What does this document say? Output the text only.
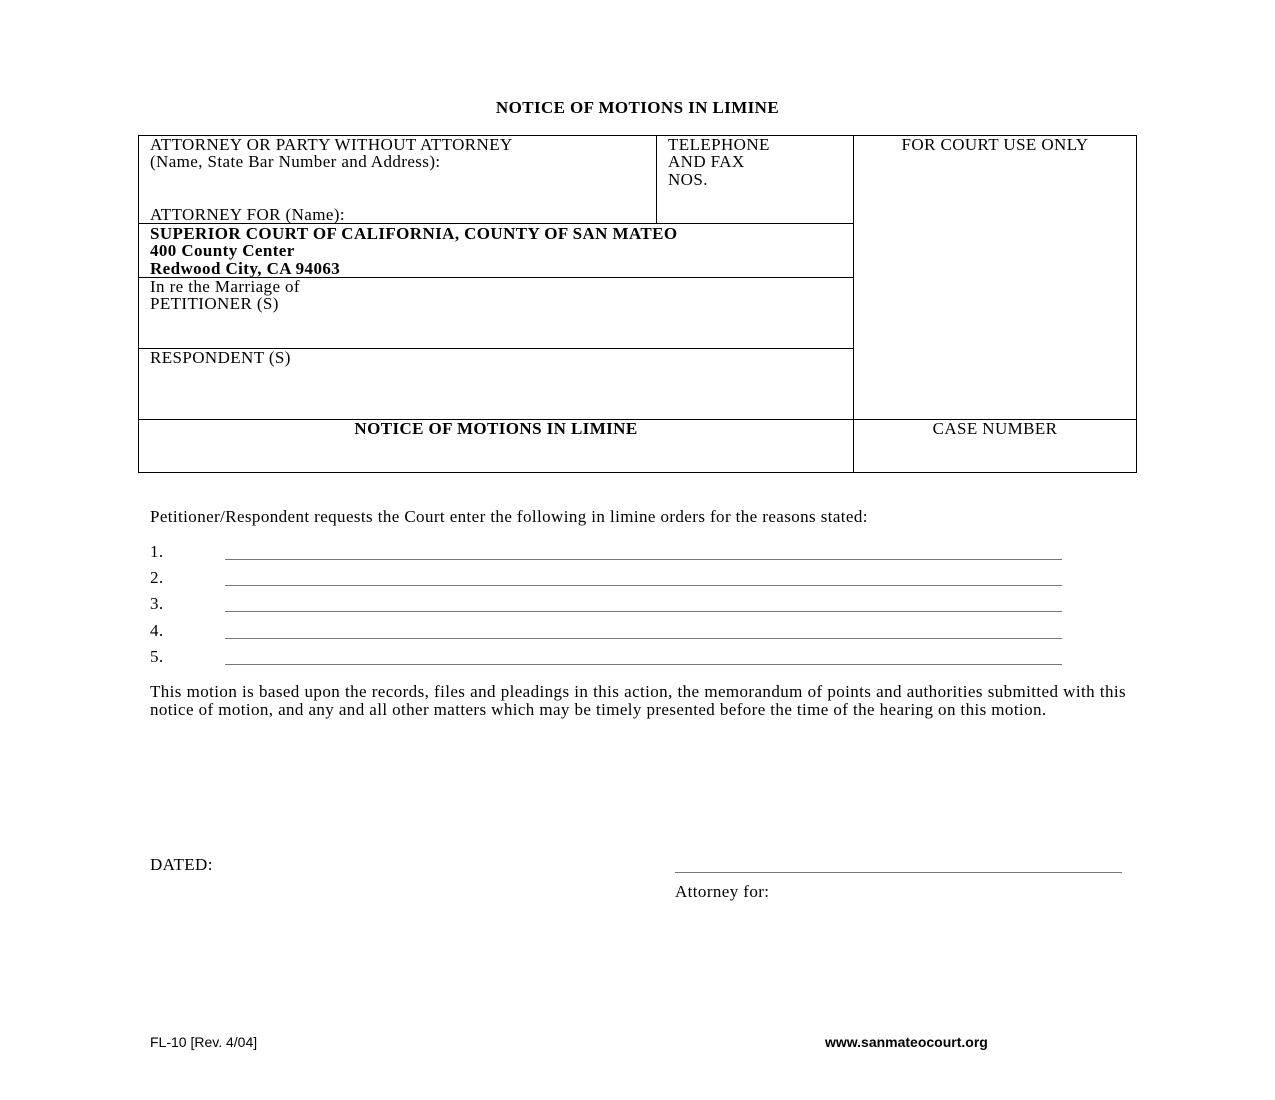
NOTICE OF MOTIONS IN LIMINE
ATTORNEY OR PARTY WITHOUT ATTORNEY
(Name, State Bar Number and Address):
ATTORNEY FOR (Name):
TELEPHONE
AND FAX
NOS.
FOR COURT USE ONLY
SUPERIOR COURT OF CALIFORNIA, COUNTY OF SAN MATEO
400 County Center
Redwood City, CA 94063
In re the Marriage of
PETITIONER (S)
RESPONDENT (S)
NOTICE OF MOTIONS IN LIMINE	CASE NUMBER
Petitioner/Respondent requests the Court enter the following in limine orders for the reasons stated:
1.
2.
3.
4.
5.
This motion is based upon the records, files and pleadings in this action, the memorandum of points and authorities submitted with this notice of motion, and any and all other matters which may be timely presented before the time of the hearing on this motion.
DATED:
Attorney for:
FL-10 [Rev. 4/04]	www.sanmateocourt.org
